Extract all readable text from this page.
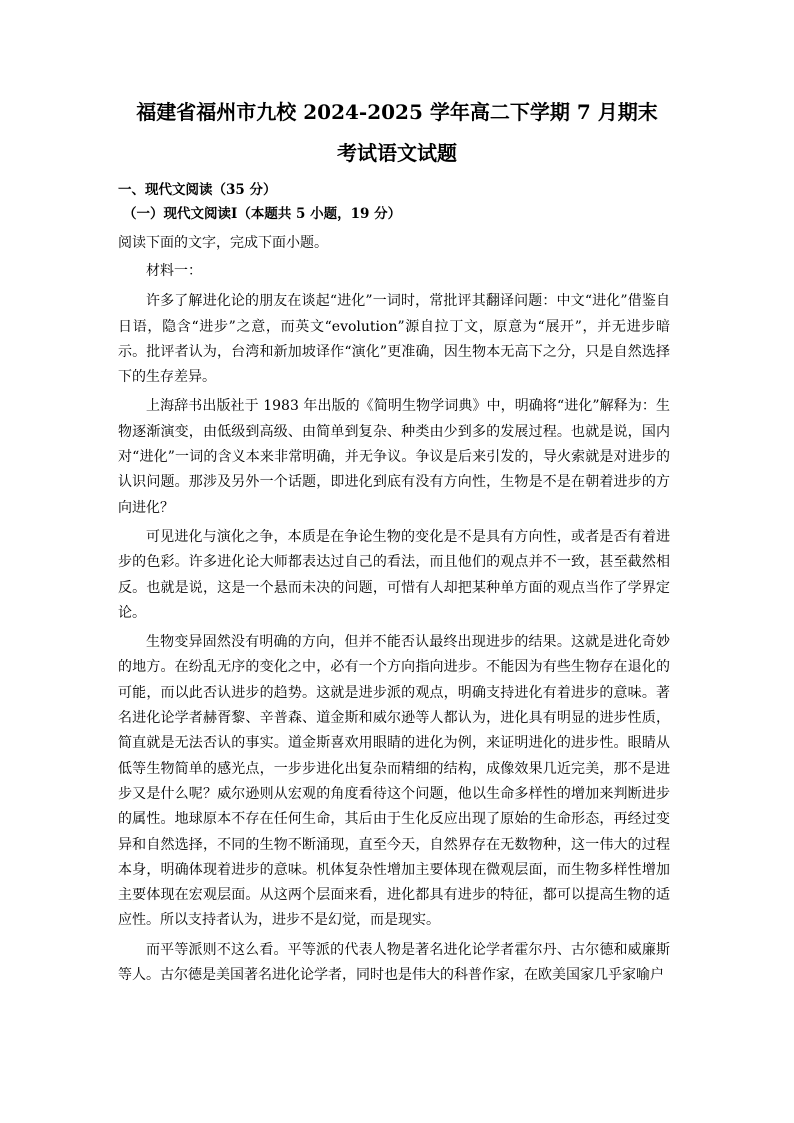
福建省福州市九校 2024-2025 学年高二下学期 7 月期末
考试语文试题
一、现代文阅读（35 分）
（一）现代文阅读Ⅰ（本题共 5 小题，19 分）
阅读下面的文字，完成下面小题。

材料一：

许多了解进化论的朋友在谈起“进化”一词时，常批评其翻译问题：中文“进化”借鉴自日语，隐含“进步”之意，而英文“evolution”源自拉丁文，原意为“展开”，并无进步暗示。批评者认为，台湾和新加坡译作“演化”更准确，因生物本无高下之分，只是自然选择下的生存差异。

上海辞书出版社于 1983 年出版的《简明生物学词典》中，明确将“进化”解释为：生物逐渐演变，由低级到高级、由简单到复杂、种类由少到多的发展过程。也就是说，国内对“进化”一词的含义本来非常明确，并无争议。争议是后来引发的，导火索就是对进步的认识问题。那涉及另外一个话题，即进化到底有没有方向性，生物是不是在朝着进步的方向进化？

可见进化与演化之争，本质是在争论生物的变化是不是具有方向性，或者是否有着进步的色彩。许多进化论大师都表达过自己的看法，而且他们的观点并不一致，甚至截然相反。也就是说，这是一个悬而未决的问题，可惜有人却把某种单方面的观点当作了学界定论。

生物变异固然没有明确的方向，但并不能否认最终出现进步的结果。这就是进化奇妙的地方。在纷乱无序的变化之中，必有一个方向指向进步。不能因为有些生物存在退化的可能，而以此否认进步的趋势。这就是进步派的观点，明确支持进化有着进步的意味。著名进化论学者赫胥黎、辛普森、道金斯和威尔逊等人都认为，进化具有明显的进步性质，简直就是无法否认的事实。道金斯喜欢用眼睛的进化为例，来证明进化的进步性。眼睛从低等生物简单的感光点，一步步进化出复杂而精细的结构，成像效果几近完美，那不是进步又是什么呢？威尔逊则从宏观的角度看待这个问题，他以生命多样性的增加来判断进步的属性。地球原本不存在任何生命，其后由于生化反应出现了原始的生命形态，再经过变异和自然选择，不同的生物不断涌现，直至今天，自然界存在无数物种，这一伟大的过程本身，明确体现着进步的意味。机体复杂性增加主要体现在微观层面，而生物多样性增加主要体现在宏观层面。从这两个层面来看，进化都具有进步的特征，都可以提高生物的适应性。所以支持者认为，进步不是幻觉，而是现实。

而平等派则不这么看。平等派的代表人物是著名进化论学者霍尔丹、古尔德和威廉斯等人。古尔德是美国著名进化论学者，同时也是伟大的科普作家，在欧美国家几乎家喻户
